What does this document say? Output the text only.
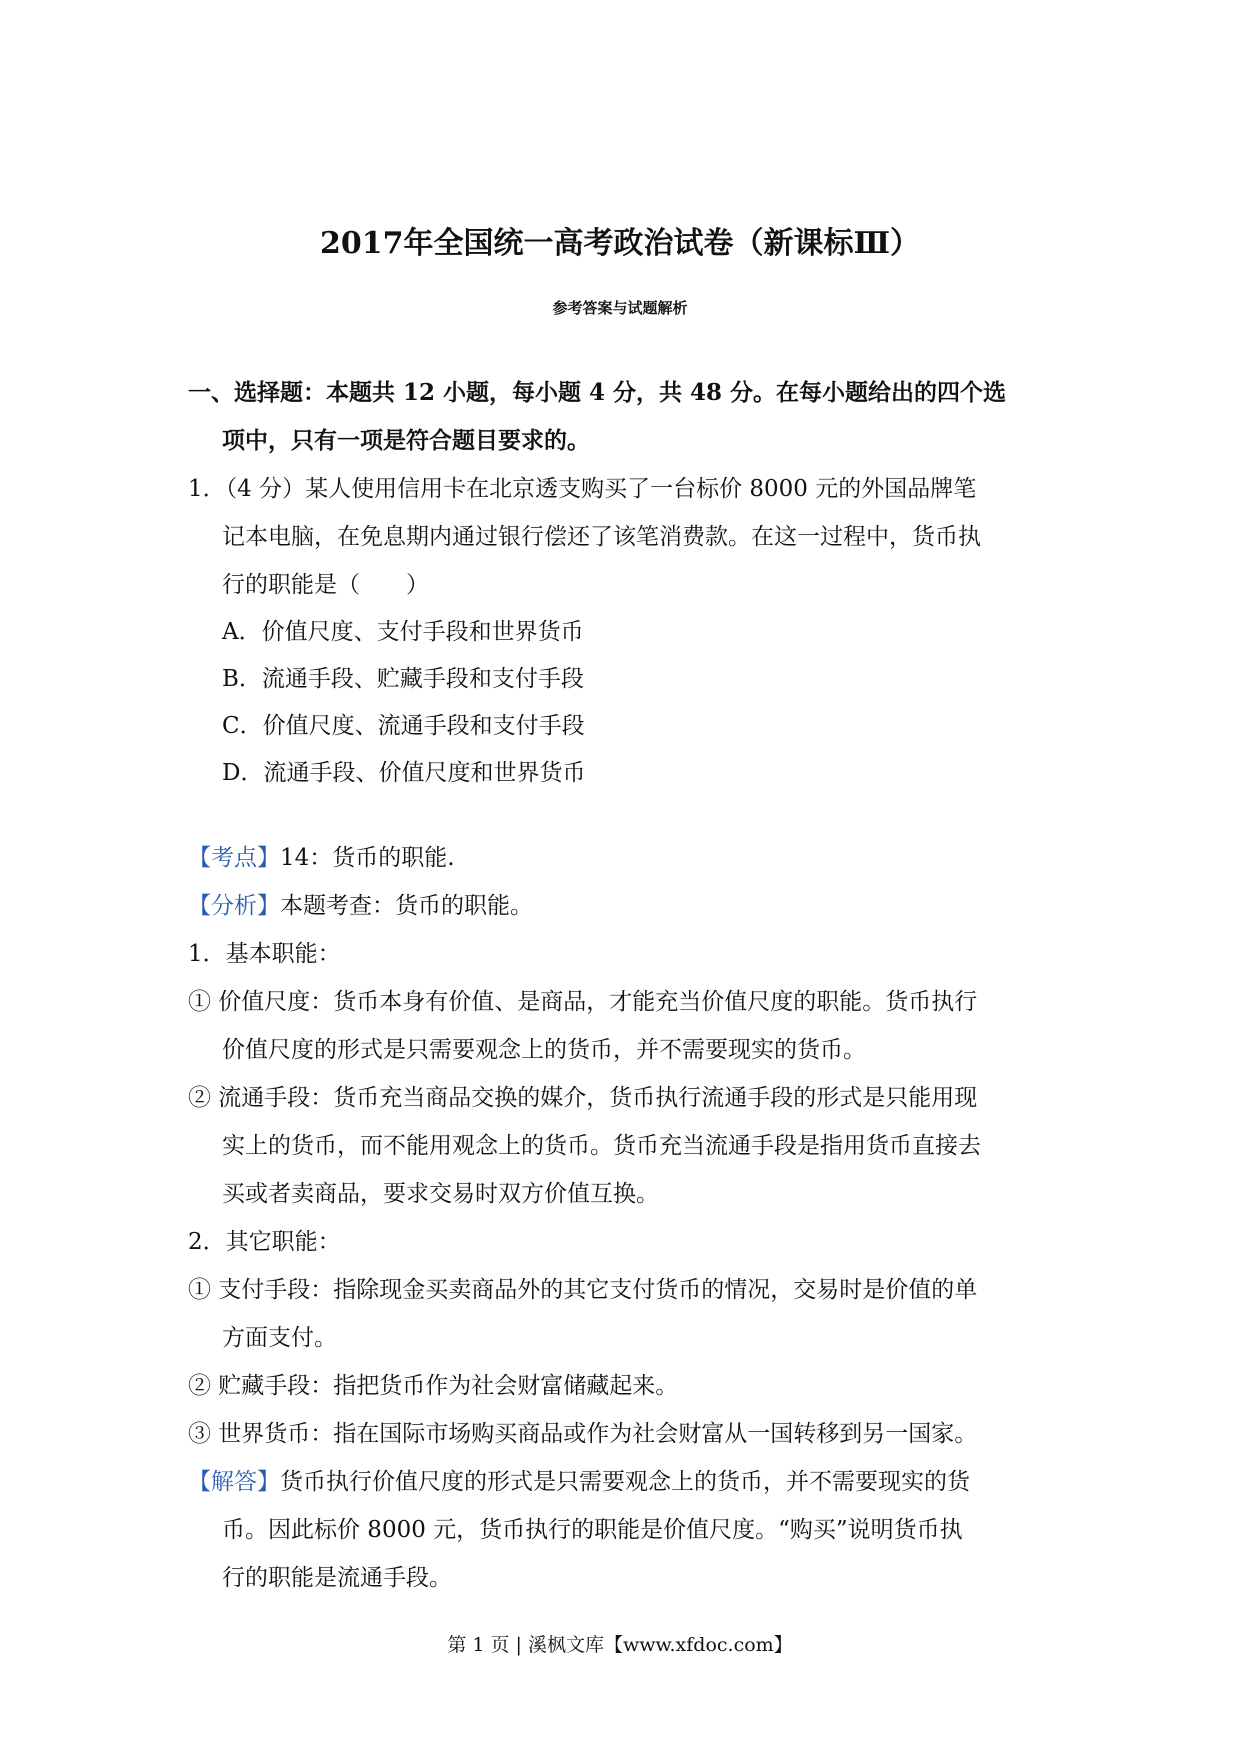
2017年全国统一高考政治试卷（新课标Ⅲ）
参考答案与试题解析
一、选择题：本题共 12 小题，每小题 4 分，共 48 分。在每小题给出的四个选
项中，只有一项是符合题目要求的。
1．（4 分）某人使用信用卡在北京透支购买了一台标价 8000 元的外国品牌笔
记本电脑，在免息期内通过银行偿还了该笔消费款。在这一过程中，货币执
行的职能是（　　）
A．价值尺度、支付手段和世界货币
B．流通手段、贮藏手段和支付手段
C．价值尺度、流通手段和支付手段
D．流通手段、价值尺度和世界货币
【考点】14：货币的职能.
【分析】本题考查：货币的职能。
1．基本职能：
① 价值尺度：货币本身有价值、是商品，才能充当价值尺度的职能。货币执行
价值尺度的形式是只需要观念上的货币，并不需要现实的货币。
② 流通手段：货币充当商品交换的媒介，货币执行流通手段的形式是只能用现
实上的货币，而不能用观念上的货币。货币充当流通手段是指用货币直接去
买或者卖商品，要求交易时双方价值互换。
2．其它职能：
① 支付手段：指除现金买卖商品外的其它支付货币的情况，交易时是价值的单
方面支付。
② 贮藏手段：指把货币作为社会财富储藏起来。
③ 世界货币：指在国际市场购买商品或作为社会财富从一国转移到另一国家。
【解答】货币执行价值尺度的形式是只需要观念上的货币，并不需要现实的货
币。因此标价 8000 元，货币执行的职能是价值尺度。“购买”说明货币执
行的职能是流通手段。
第 1 页 | 溪枫文库【www.xfdoc.com】
